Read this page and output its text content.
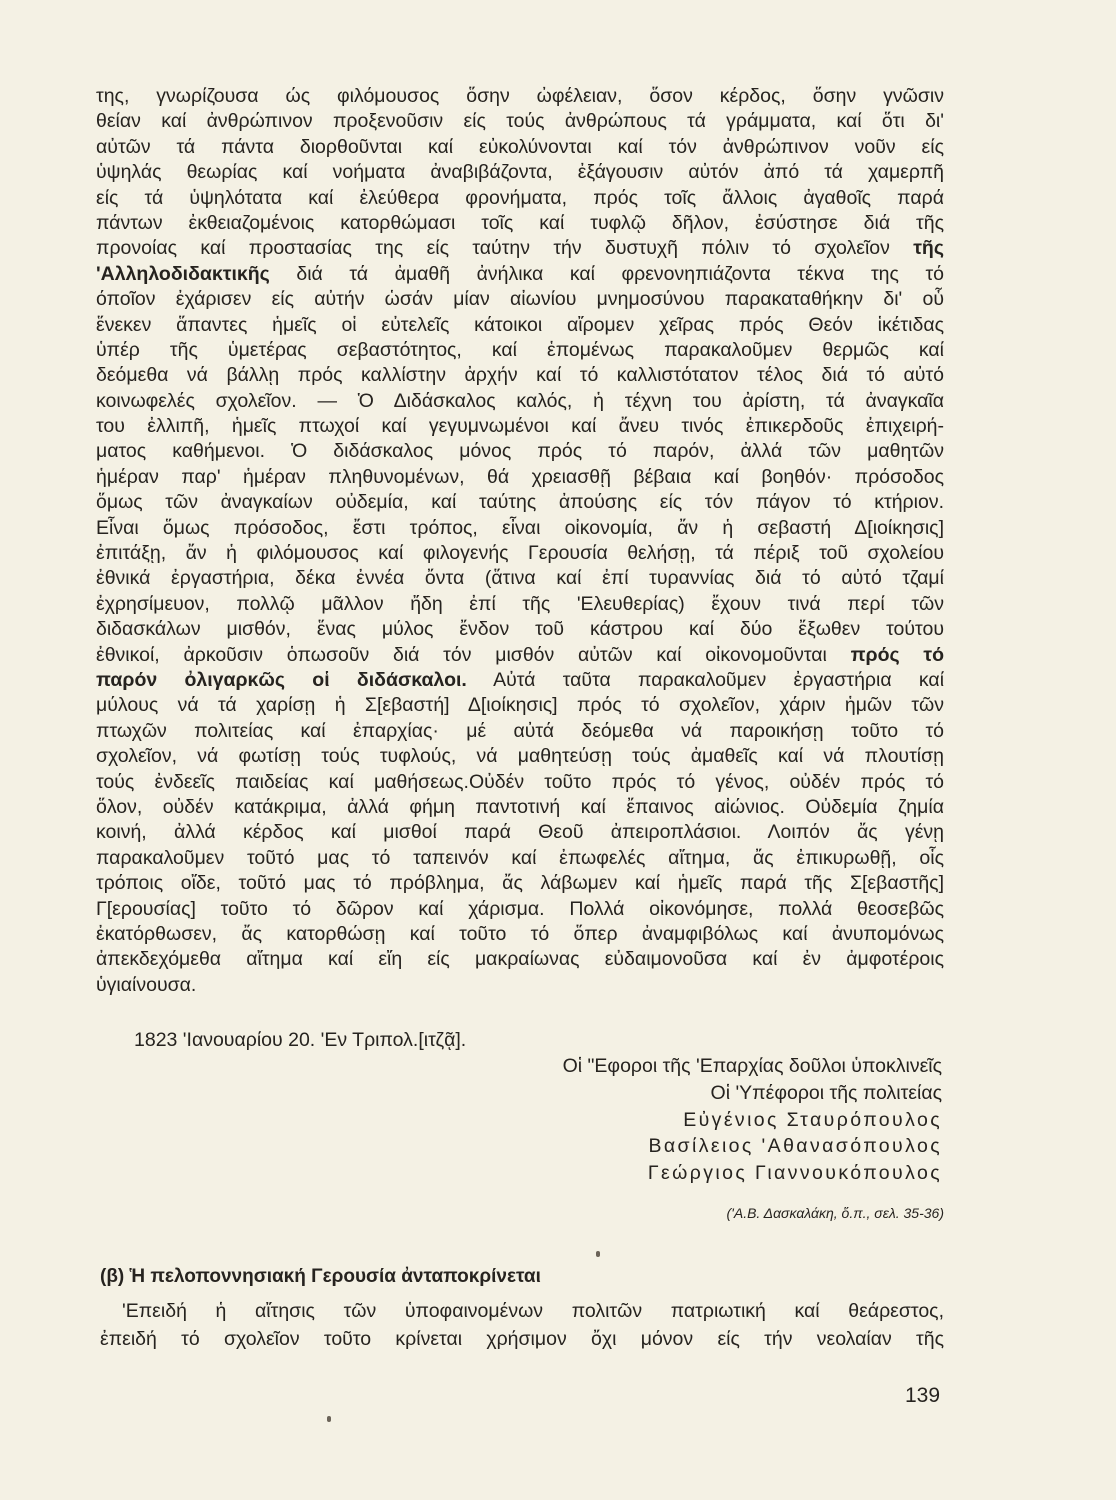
της, γνωρίζουσα ώς φιλόμουσος ὅσην ὠφέλειαν, ὅσον κέρδος, ὅσην γνῶσιν
θείαν καί ἀνθρώπινον προξενοῦσιν είς τούς ἀνθρώπους τά γράμματα, καί ὅτι δι'
αὐτῶν τά πάντα διορθοῦνται καί εὐκολύνονται καί τόν ἀνθρώπινον νοῦν είς
ὑψηλάς θεωρίας καί νοήματα ἀναβιβάζοντα, ἐξάγουσιν αὐτόν ἀπό τά χαμερπῆ
είς τά ὑψηλότατα καί ἐλεύθερα φρονήματα, πρός τοῖς ἄλλοις ἀγαθοῖς παρά
πάντων ἐκθειαζομένοις κατορθώμασι τοῖς καί τυφλῷ δῆλον, ἐσύστησε διά τῆς
προνοίας καί προστασίας της είς ταύτην τήν δυστυχῆ πόλιν τό σχολεῖον τῆς
'Αλληλοδιδακτικῆς διά τά ἀμαθῆ ἀνήλικα καί φρενονηπιάζοντα τέκνα της τό
όποῖον ἐχάρισεν είς αὐτήν ὡσάν μίαν αἰωνίου μνημοσύνου παρακαταθήκην δι' οὗ
ἕνεκεν ἅπαντες ἡμεῖς οἱ εὐτελεῖς κάτοικοι αἴρομεν χεῖρας πρός Θεόν ἱκέτιδας
ὑπέρ τῆς ὑμετέρας σεβαστότητος, καί ἑπομένως παρακαλοῦμεν θερμῶς καί
δεόμεθα νά βάλλῃ πρός καλλίστην ἀρχήν καί τό καλλιστότατον τέλος διά τό αὐτό
κοινωφελές σχολεῖον. — Ὁ Διδάσκαλος καλός, ἡ τέχνη του ἀρίστη, τά ἀναγκαῖα
του ἐλλιπῆ, ἡμεῖς πτωχοί καί γεγυμνωμένοι καί ἄνευ τινός ἐπικερδοῦς ἐπιχειρή-
ματος καθήμενοι. Ὁ διδάσκαλος μόνος πρός τό παρόν, ἀλλά τῶν μαθητῶν
ἡμέραν παρ' ἡμέραν πληθυνομένων, θά χρειασθῇ βέβαια καί βοηθόν· πρόσοδος
ὅμως τῶν ἀναγκαίων οὐδεμία, καί ταύτης ἀπούσης είς τόν πάγον τό κτήριον.
Εἶναι ὅμως πρόσοδος, ἔστι τρόπος, εἶναι οἰκονομία, ἄν ἡ σεβαστή Δ[ιοίκησις]
ἐπιτάξῃ, ἄν ἡ φιλόμουσος καί φιλογενής Γερουσία θελήσῃ, τά πέριξ τοῦ σχολείου
ἐθνικά ἐργαστήρια, δέκα ἐννέα ὄντα (ἅτινα καί ἐπί τυραννίας διά τό αὐτό τζαμί
ἐχρησίμευον, πολλῷ μᾶλλον ἤδη ἐπί τῆς 'Ελευθερίας) ἔχουν τινά περί τῶν
διδασκάλων μισθόν, ἕνας μύλος ἔνδον τοῦ κάστρου καί δύο ἔξωθεν τούτου
ἐθνικοί, ἀρκοῦσιν ὁπωσοῦν διά τόν μισθόν αὐτῶν καί οἰκονομοῦνται πρός τό
παρόν ὀλιγαρκῶς οἱ διδάσκαλοι. Αὐτά ταῦτα παρακαλοῦμεν ἐργαστήρια καί
μύλους νά τά χαρίσῃ ἡ Σ[εβαστή] Δ[ιοίκησις] πρός τό σχολεῖον, χάριν ἡμῶν τῶν
πτωχῶν πολιτείας καί ἐπαρχίας· μέ αὐτά δεόμεθα νά παροικήσῃ τοῦτο τό
σχολεῖον, νά φωτίσῃ τούς τυφλούς, νά μαθητεύσῃ τούς ἀμαθεῖς καί νά πλουτίσῃ
τούς ἐνδεεῖς παιδείας καί μαθήσεως.Οὐδέν τοῦτο πρός τό γένος, οὐδέν πρός τό
ὅλον, οὐδέν κατάκριμα, ἀλλά φήμη παντοτινή καί ἔπαινος αἰώνιος. Οὐδεμία ζημία
κοινή, ἀλλά κέρδος καί μισθοί παρά Θεοῦ ἀπειροπλάσιοι. Λοιπόν ἄς γένῃ
παρακαλοῦμεν τοῦτό μας τό ταπεινόν καί ἐπωφελές αἴτημα, ἄς ἐπικυρωθῇ, οἷς
τρόποις οἴδε, τοῦτό μας τό πρόβλημα, ἄς λάβωμεν καί ἡμεῖς παρά τῆς Σ[εβαστῆς]
Γ[ερουσίας] τοῦτο τό δῶρον καί χάρισμα. Πολλά οἰκονόμησε, πολλά θεοσεβῶς
ἐκατόρθωσεν, ἄς κατορθώσῃ καί τοῦτο τό ὅπερ ἀναμφιβόλως καί ἀνυπομόνως
ἀπεκδεχόμεθα αἴτημα καί εἴη είς μακραίωνας εὐδαιμονοῦσα καί ἐν ἀμφοτέροις
ὑγιαίνουσα.
1823 'Ιανουαρίου 20. 'Εν Τριπολ.[ιτζᾷ].
Οἱ "Εφοροι τῆς 'Επαρχίας δοῦλοι ὑποκλινεῖς
Οἱ 'Υπέφοροι τῆς πολιτείας
Εὐγένιος Σταυρόπουλος
Βασίλειος 'Αθανασόπουλος
Γεώργιος Γιαννουκόπουλος
('Α.Β. Δασκαλάκη, ὅ.π., σελ. 35-36)
(β) Ἡ πελοποννησιακή Γερουσία ἀνταποκρίνεται
'Επειδή ἡ αἴτησις τῶν ὑποφαινομένων πολιτῶν πατριωτική καί θεάρεστος,
ἐπειδή τό σχολεῖον τοῦτο κρίνεται χρήσιμον ὄχι μόνον είς τήν νεολαίαν τῆς
139
